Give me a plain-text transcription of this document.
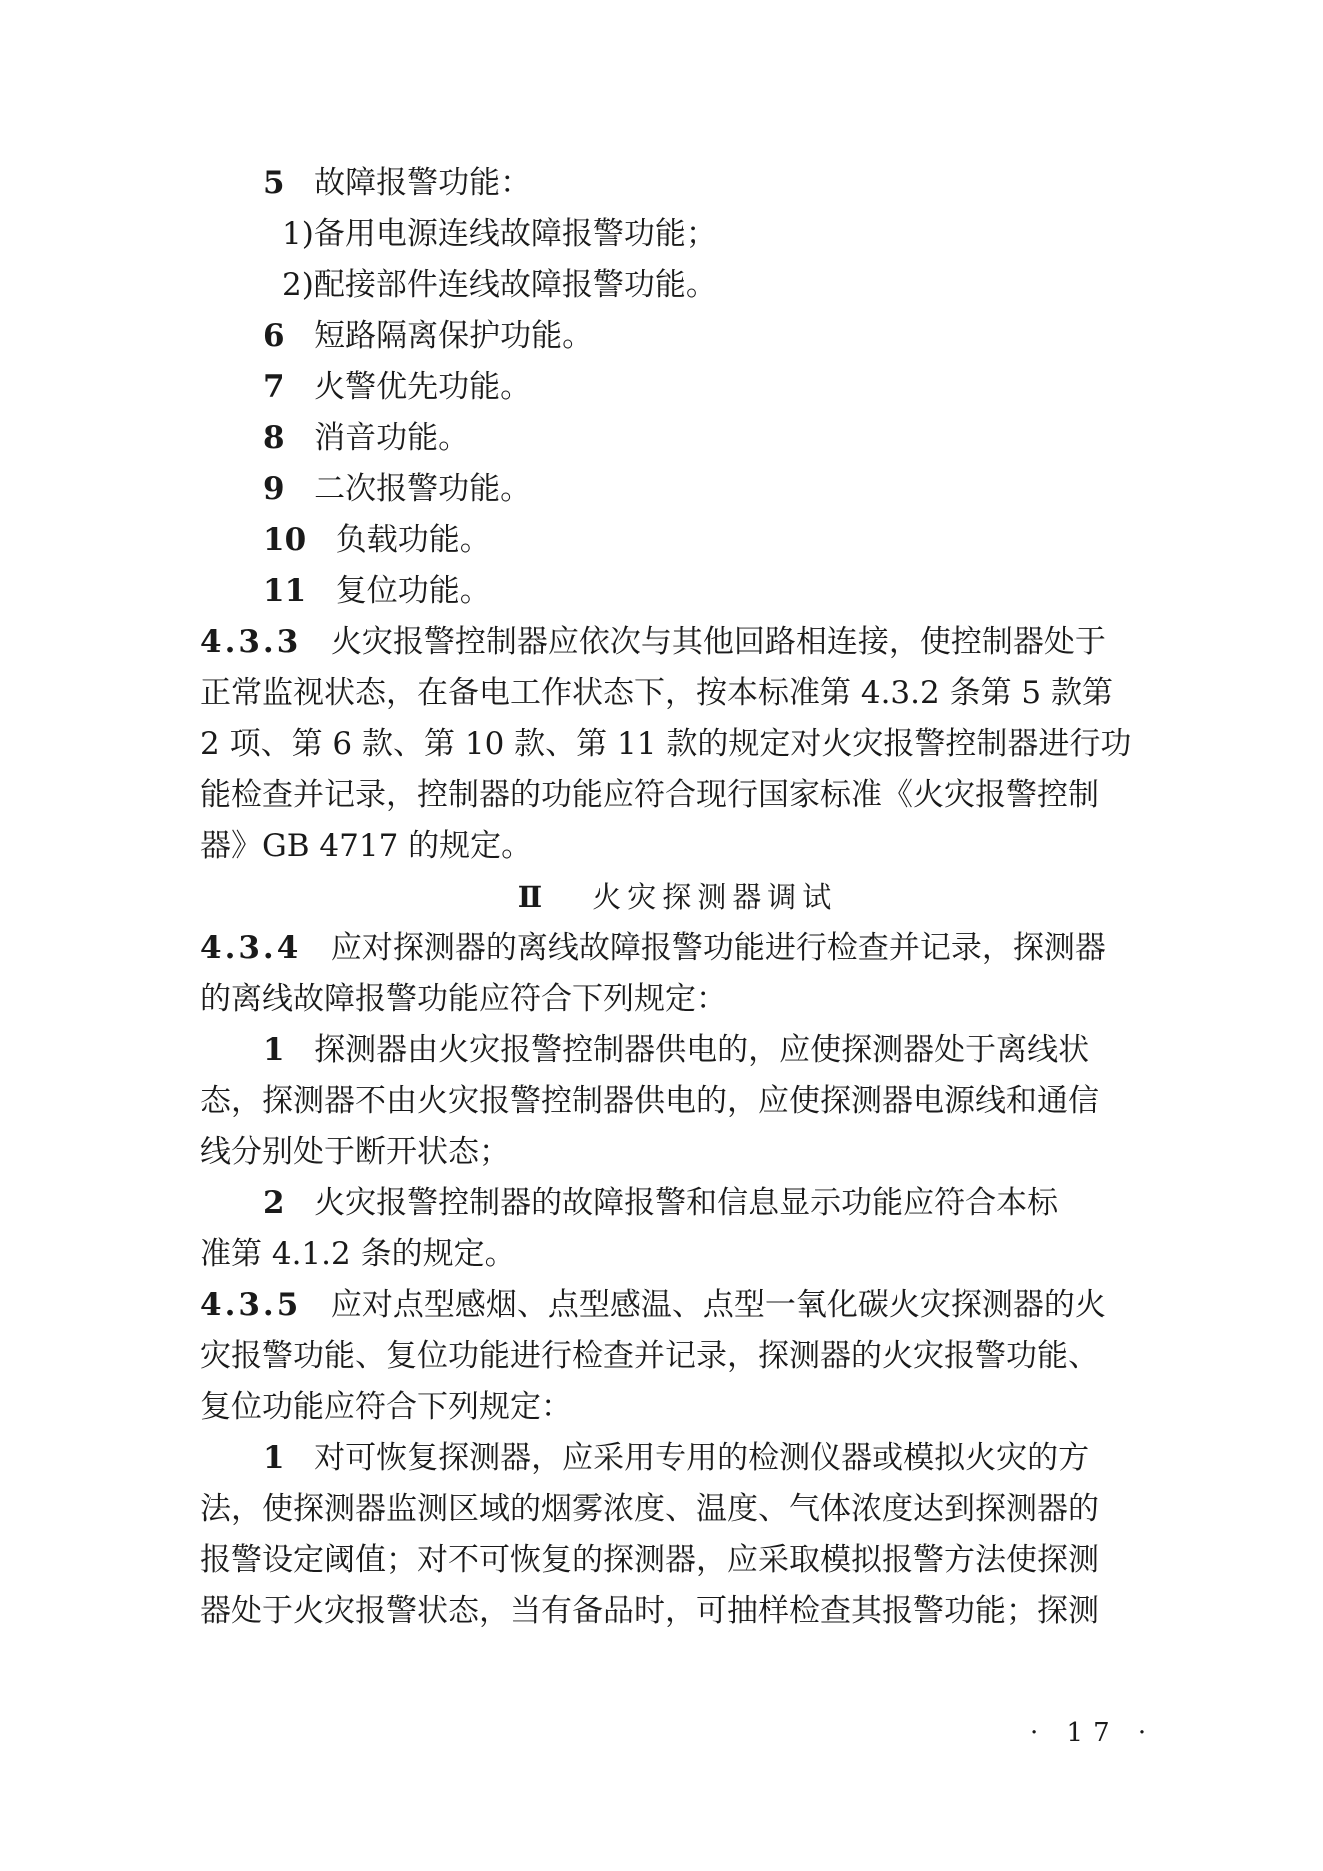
5 故障报警功能：
1)备用电源连线故障报警功能；
2)配接部件连线故障报警功能。
6 短路隔离保护功能。
7 火警优先功能。
8 消音功能。
9 二次报警功能。
10 负载功能。
11 复位功能。
4.3.3 火灾报警控制器应依次与其他回路相连接，使控制器处于
正常监视状态，在备电工作状态下，按本标准第 4.3.2 条第 5 款第
2 项、第 6 款、第 10 款、第 11 款的规定对火灾报警控制器进行功
能检查并记录，控制器的功能应符合现行国家标准《火灾报警控制
器》GB 4717 的规定。
Ⅱ 火灾探测器调试
4.3.4 应对探测器的离线故障报警功能进行检查并记录，探测器
的离线故障报警功能应符合下列规定：
1 探测器由火灾报警控制器供电的，应使探测器处于离线状
态，探测器不由火灾报警控制器供电的，应使探测器电源线和通信
线分别处于断开状态；
2 火灾报警控制器的故障报警和信息显示功能应符合本标
准第 4.1.2 条的规定。
4.3.5 应对点型感烟、点型感温、点型一氧化碳火灾探测器的火
灾报警功能、复位功能进行检查并记录，探测器的火灾报警功能、
复位功能应符合下列规定：
1 对可恢复探测器，应采用专用的检测仪器或模拟火灾的方
法，使探测器监测区域的烟雾浓度、温度、气体浓度达到探测器的
报警设定阈值；对不可恢复的探测器，应采取模拟报警方法使探测
器处于火灾报警状态，当有备品时，可抽样检查其报警功能；探测
· 17 ·
